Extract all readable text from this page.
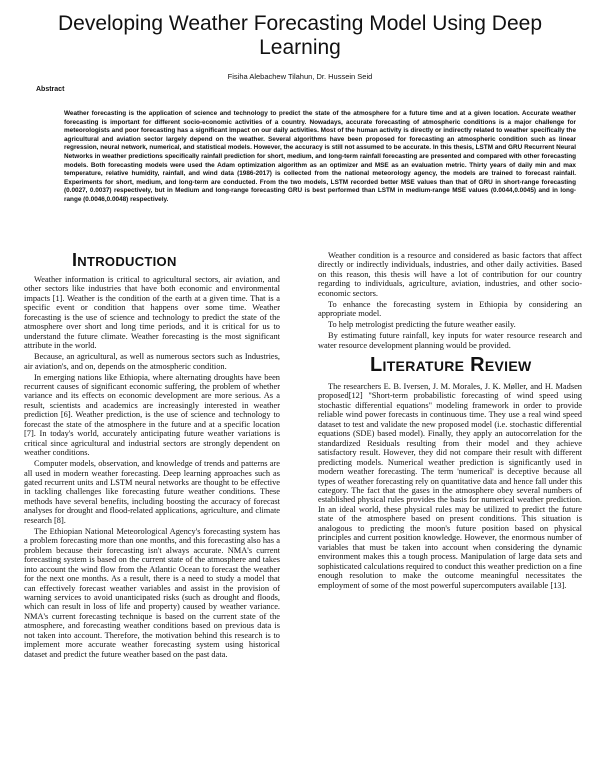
Developing Weather Forecasting Model Using Deep Learning
Fisiha Alebachew Tilahun, Dr. Hussein Seid
Abstract

Weather forecasting is the application of science and technology to predict the state of the atmosphere for a future time and at a given location. Accurate weather forecasting is important for different socio-economic activities of a country. Nowadays, accurate forecasting of atmospheric conditions is a major challenge for meteorologists and poor forecasting has a significant impact on our daily activities. Most of the human activity is directly or indirectly related to weather specifically the agricultural and aviation sector largely depend on the weather. Several algorithms have been proposed for forecasting an atmospheric condition such as linear regression, neural network, numerical, and statistical models. However, the accuracy is still not assumed to be accurate. In this thesis, LSTM and GRU Recurrent Neural Networks in weather predictions specifically rainfall prediction for short, medium, and long-term rainfall forecasting are presented and compared with other forecasting models. Both forecasting models were used the Adam optimization algorithm as an optimizer and MSE as an evaluation metric. Thirty years of daily min and max temperature, relative humidity, rainfall, and wind data (1986-2017) is collected from the national meteorology agency, the models are trained to forecast rainfall. Experiments for short, medium, and long-term are conducted. From the two models, LSTM recorded better MSE values than that of GRU in short-range forecasting (0.0027, 0.0037) respectively, but in Medium and long-range forecasting GRU is best performed than LSTM in medium-range MSE values (0.0044,0.0045) and in long-range (0.0046,0.0048) respectively.

Introduction

Weather information is critical to agricultural sectors, air aviation, and other sectors like industries that have both economic and environmental impacts [1]. Weather is the condition of the earth at a given time. That is a specific event or condition that happens over some time. Weather forecasting is the use of science and technology to predict the state of the atmosphere over short and long time periods, and it is critical for us to understand the future climate. Weather forecasting is the most significant attribute in the world.

Because, an agricultural, as well as numerous sectors such as Industries, air aviation's, and on, depends on the atmospheric condition.

In emerging nations like Ethiopia, where alternating droughts have been recurrent causes of significant economic suffering, the problem of whether variance and its effects on economic development are more serious. As a result, scientists and academics are increasingly interested in weather prediction [6]. Weather prediction, is the use of science and technology to forecast the state of the atmosphere in the future and at a specific location [7]. In today's world, accurately anticipating future weather variations is critical since agricultural and industrial sectors are strongly dependent on weather conditions.

Computer models, observation, and knowledge of trends and patterns are all used in modern weather forecasting. Deep learning approaches such as gated recurrent units and LSTM neural networks are thought to be effective in tackling challenges like forecasting future weather conditions. These methods have several benefits, including boosting the accuracy of forecast analyses for drought and flood-related applications, agriculture, and climate research [8].

The Ethiopian National Meteorological Agency's forecasting system has a problem forecasting more than one months, and this forecasting also has a problem because their forecasting isn't always accurate. NMA's current forecasting system is based on the current state of the atmosphere and takes into account the wind flow from the Atlantic Ocean to forecast the weather for the next one months. As a result, there is a need to study a model that can effectively forecast weather variables and assist in the provision of warning services to avoid unanticipated risks (such as drought and floods, which can result in loss of life and property) caused by weather variance. NMA's current forecasting technique is based on the current state of the atmosphere, and forecasting weather conditions based on previous data is not taken into account. Therefore, the motivation behind this research is to implement more accurate weather forecasting system using historical dataset and predict the future weather based on the past data.

Weather condition is a resource and considered as basic factors that affect directly or indirectly individuals, industries, and other daily activities. Based on this reason, this thesis will have a lot of contribution for our country regarding to individuals, agriculture, aviation, industries, and other socio-economic sectors.

To enhance the forecasting system in Ethiopia by considering an appropriate model.

To help metrologist predicting the future weather easily.

By estimating future rainfall, key inputs for water resource research and water resource development planning would be provided.

Literature Review

The researchers E. B. Iversen, J. M. Morales, J. K. Møller, and H. Madsen proposed[12] "Short-term probabilistic forecasting of wind speed using stochastic differential equations" modeling framework in order to provide reliable wind power forecasts in continuous time. They use a real wind speed dataset to test and validate the new proposed model (i.e. stochastic differential equations (SDE) based model). Finally, they apply an autocorrelation for the standardized Residuals resulting from their model and they achieve satisfactory result. However, they did not compare their result with different predicting models. Numerical weather prediction is significantly used in modern weather forecasting. The term 'numerical' is deceptive because all types of weather forecasting rely on quantitative data and hence fall under this category. The fact that the gases in the atmosphere obey several numbers of established physical rules provides the basis for numerical weather prediction. In an ideal world, these physical rules may be utilized to predict the future state of the atmosphere based on present conditions. This situation is analogous to predicting the moon's future position based on physical principles and current position knowledge. However, the enormous number of variables that must be taken into account when considering the dynamic environment makes this a tough process. Manipulation of large data sets and sophisticated calculations required to conduct this weather prediction on a fine enough resolution to make the outcome meaningful necessitates the employment of some of the most powerful supercomputers available [13].
